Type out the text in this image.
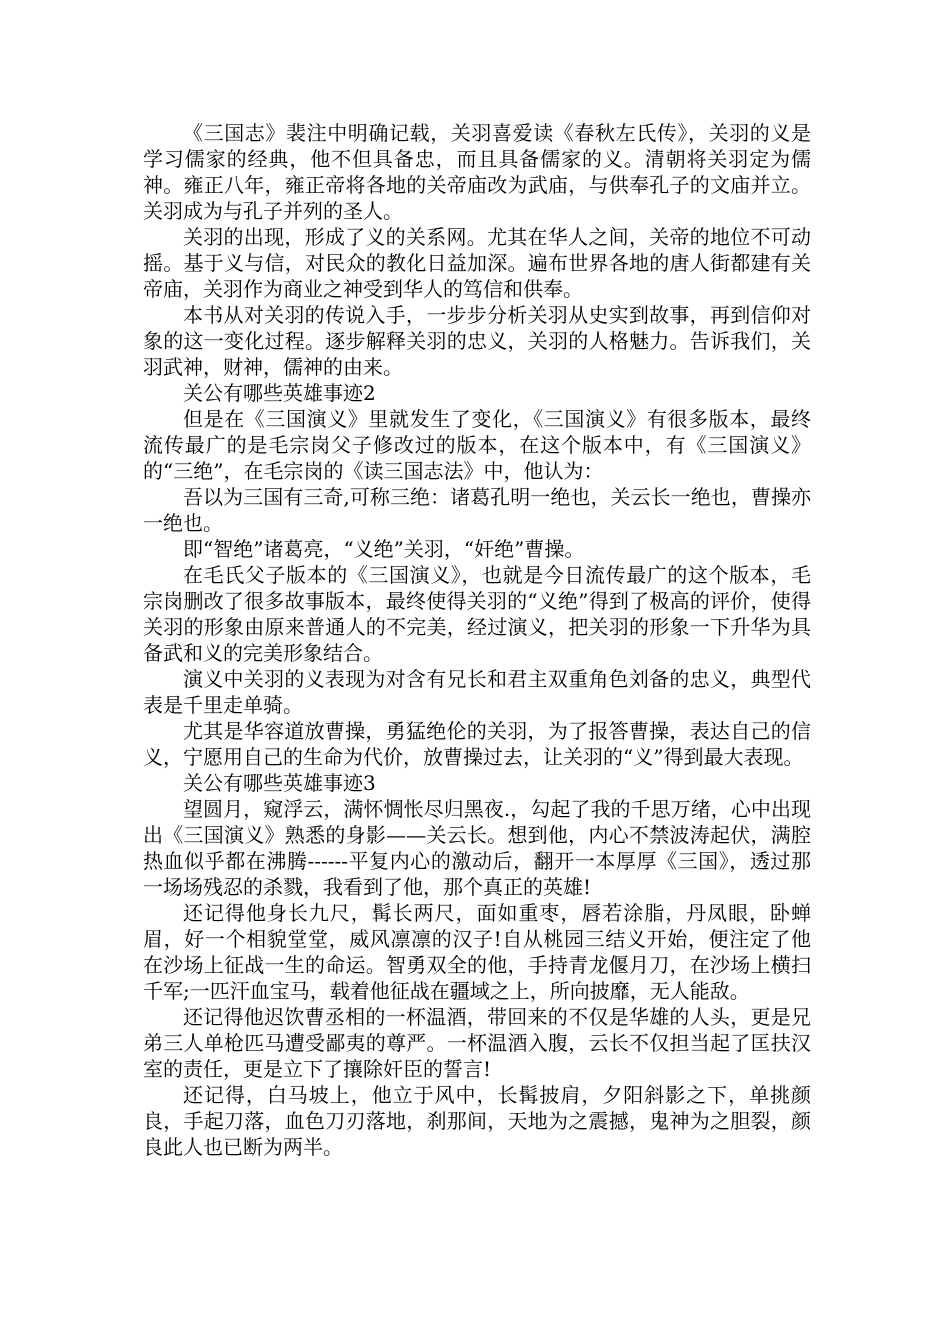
《三国志》裴注中明确记载，关羽喜爱读《春秋左氏传》，关羽的义是学习儒家的经典，他不但具备忠，而且具备儒家的义。清朝将关羽定为儒神。雍正八年，雍正帝将各地的关帝庙改为武庙，与供奉孔子的文庙并立。关羽成为与孔子并列的圣人。

关羽的出现，形成了义的关系网。尤其在华人之间，关帝的地位不可动摇。基于义与信，对民众的教化日益加深。遍布世界各地的唐人街都建有关帝庙，关羽作为商业之神受到华人的笃信和供奉。

本书从对关羽的传说入手，一步步分析关羽从史实到故事，再到信仰对象的这一变化过程。逐步解释关羽的忠义，关羽的人格魅力。告诉我们，关羽武神，财神，儒神的由来。

关公有哪些英雄事迹2

但是在《三国演义》里就发生了变化，《三国演义》有很多版本，最终流传最广的是毛宗岗父子修改过的版本，在这个版本中，有《三国演义》的“三绝”，在毛宗岗的《读三国志法》中，他认为：

吾以为三国有三奇,可称三绝：诸葛孔明一绝也，关云长一绝也，曹操亦一绝也。

即“智绝”诸葛亮，“义绝”关羽，“奸绝”曹操。

在毛氏父子版本的《三国演义》，也就是今日流传最广的这个版本，毛宗岗删改了很多故事版本，最终使得关羽的“义绝”得到了极高的评价，使得关羽的形象由原来普通人的不完美，经过演义，把关羽的形象一下升华为具备武和义的完美形象结合。

演义中关羽的义表现为对含有兄长和君主双重角色刘备的忠义，典型代表是千里走单骑。

尤其是华容道放曹操，勇猛绝伦的关羽，为了报答曹操，表达自己的信义，宁愿用自己的生命为代价，放曹操过去，让关羽的“义”得到最大表现。

关公有哪些英雄事迹3

望圆月，窥浮云，满怀惆怅尽归黑夜.，勾起了我的千思万绪，心中出现出《三国演义》熟悉的身影——关云长。想到他，内心不禁波涛起伏，满腔热血似乎都在沸腾------平复内心的激动后，翻开一本厚厚《三国》，透过那一场场残忍的杀戮，我看到了他，那个真正的英雄!

还记得他身长九尺，髯长两尺，面如重枣，唇若涂脂，丹凤眼，卧蝉眉，好一个相貌堂堂，威风凛凛的汉子!自从桃园三结义开始，便注定了他在沙场上征战一生的命运。智勇双全的他，手持青龙偃月刀，在沙场上横扫千军;一匹汗血宝马，载着他征战在疆域之上，所向披靡，无人能敌。

还记得他迟饮曹丞相的一杯温酒，带回来的不仅是华雄的人头，更是兄弟三人单枪匹马遭受鄙夷的尊严。一杯温酒入腹，云长不仅担当起了匡扶汉室的责任，更是立下了攘除奸臣的誓言!

还记得，白马坡上，他立于风中，长髯披肩，夕阳斜影之下，单挑颜良，手起刀落，血色刀刃落地，刹那间，天地为之震撼，鬼神为之胆裂，颜良此人也已断为两半。
